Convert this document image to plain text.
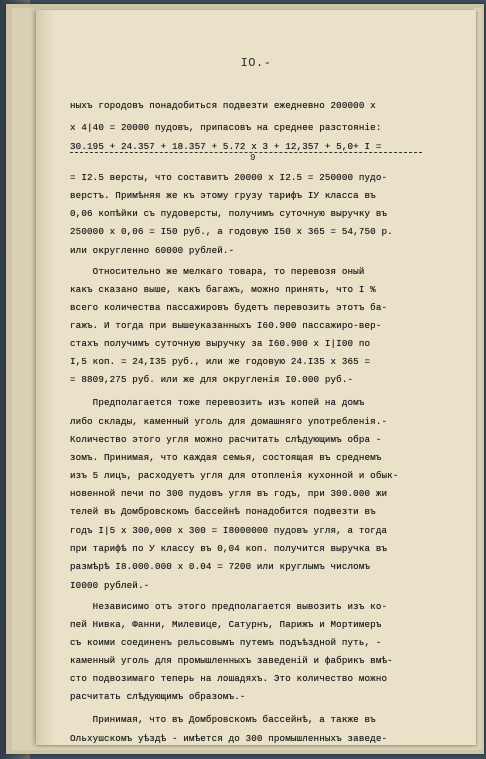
IO.-
ныхъ городовъ понадобиться подвезти ежедневно 200000 х
х 4|40 = 20000 пудовъ, припасовъ на среднее разстояніе:
30.195 + 24.357 + 18.357 + 5.72 х 3 + 12,357 + 5,0+ I =
= I2.5 версты, что составитъ 20000 х I2.5 = 250000 пудо-
верстъ. Примѣняя же къ этому грузу тарифъ IУ класса въ
0,06 копѣйки съ пудоверсты, получимъ суточную выручку въ
250000 х 0,06 = I50 руб., а годовую I50 х 365 = 54,750 р.
или округленно 60000 рублей.-
Относительно же мелкаго товара, то перевозя оный
какъ сказано выше, какъ багажъ, можно принять, что I %
всего количества пассажировъ будетъ перевозить этотъ ба-
гажъ. И тогда при вышеуказанныхъ I60.900 пассажиро-вер-
стахъ получимъ суточную выручку за I60.900 х I|I00 по
I,5 коп. = 24,I35 руб., или же годовую 24.I35 х 365 =
= 8809,275 руб. или же для округленія I0.000 руб.-
Предполагается тоже перевозить изъ копей на домъ
либо склады, каменный уголь для домашняго употребленія.-
Количество этого угля можно расчитать слѣдующимъ обра -
зомъ. Принимая, что каждая семья, состоящая въ среднемъ
изъ 5 лицъ, расходуетъ угля для отопленія кухонной и обык-
новенной печи по 300 пудовъ угля въ годъ, при 300.000 жи
телей въ Домбровскомъ бассейнѣ понадобится подвезти въ
годъ I|5 х 300,000 х 300 = I8000000 пудовъ угля, а тогда
при тарифѣ по У классу въ 0,04 коп. получится выручка въ
размѣрѣ I8.000.000 х 0.04 = 7200 или круглымъ числомъ
I0000 рублей.-
Независимо отъ этого предполагается вывозить изъ ко-
пей Нивка, Фанни, Милевице, Сатурнъ, Парижъ и Мортимеръ
съ коими соединенъ рельсовымъ путемъ подъѣздной путь, -
каменный уголь для промышленныхъ заведеній и фабрикъ вмѣ-
сто подвозимаго теперь на лошадяхъ. Это количество можно
расчитать слѣдующимъ образомъ.-
Принимая, что въ Домбровскомъ бассейнѣ, а также въ
Ольхушскомъ уѣздѣ - имѣется до 300 промышленныхъ заведе-
9
